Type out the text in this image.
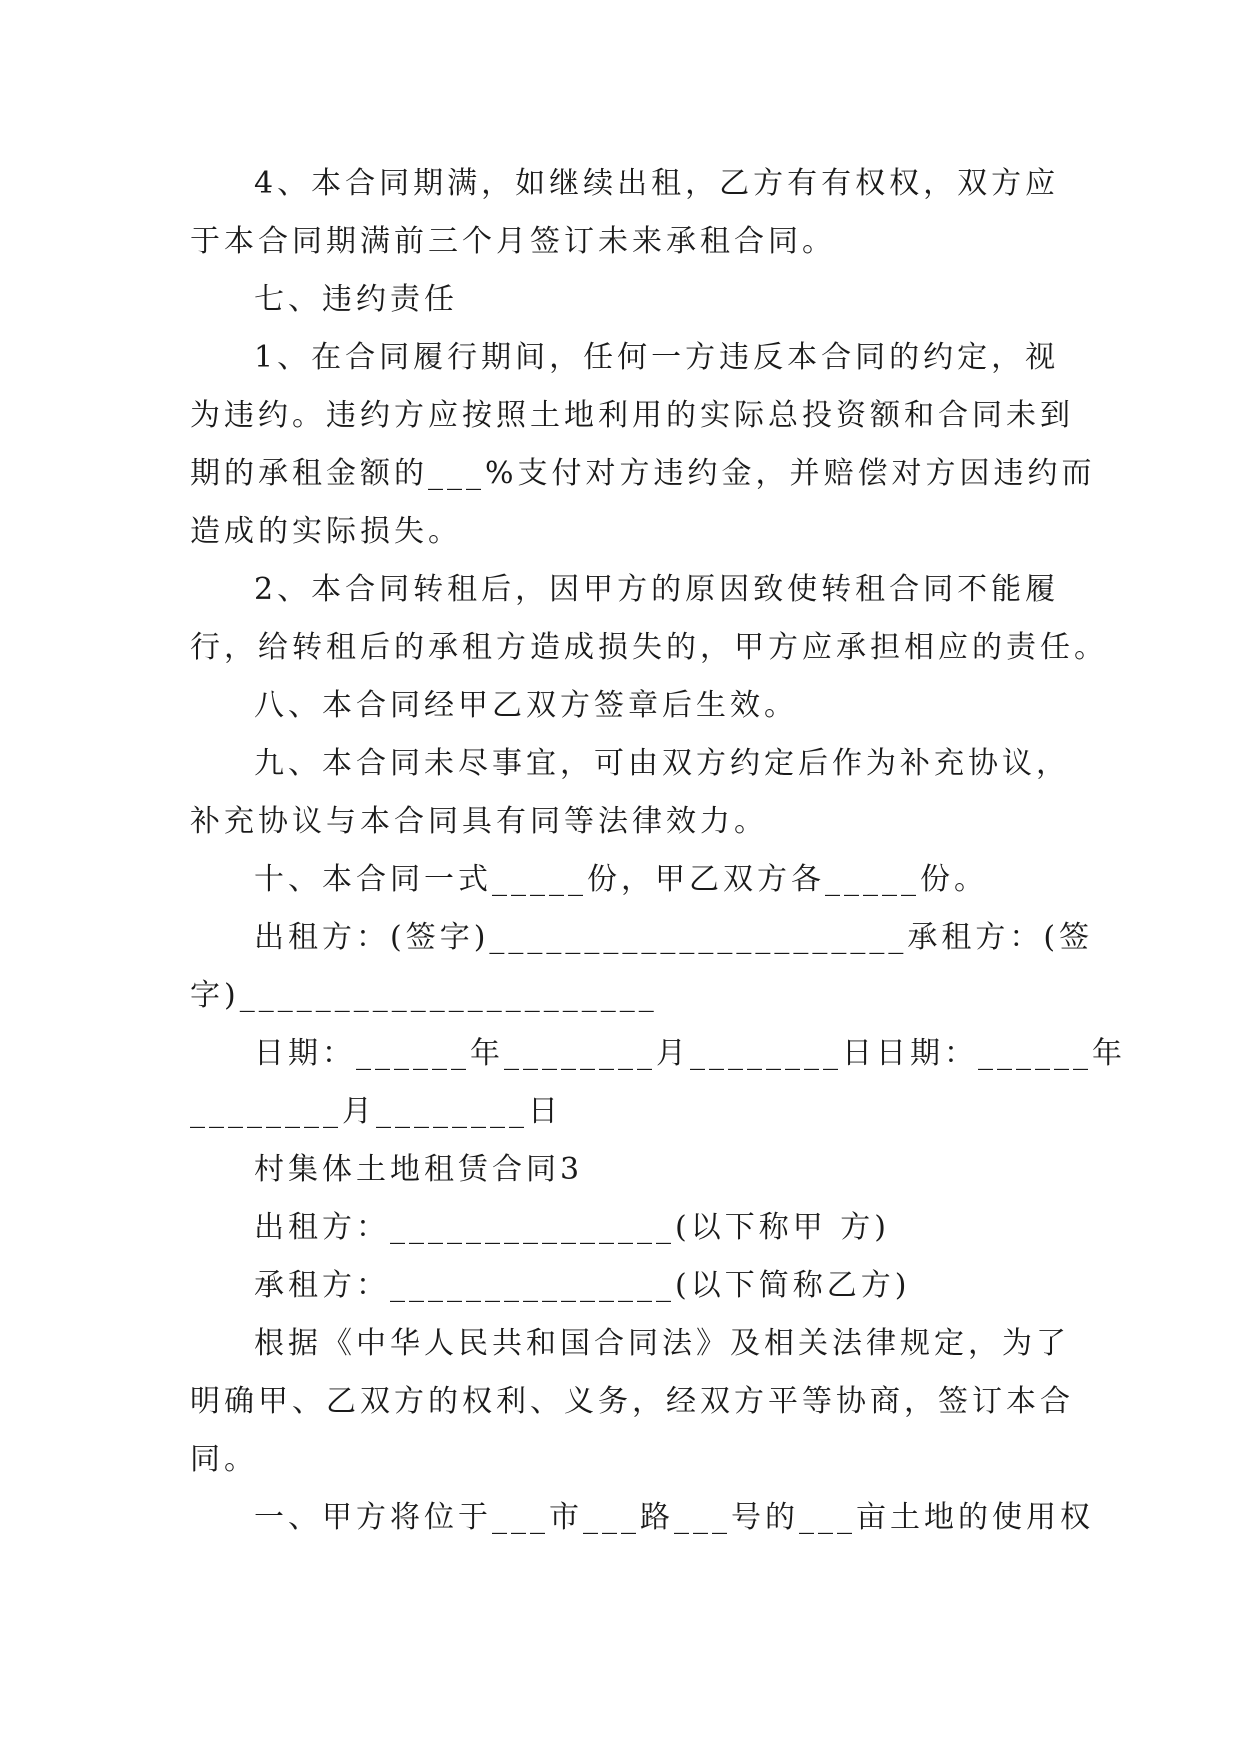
4、本合同期满，如继续出租，乙方有有权权，双方应
于本合同期满前三个月签订未来承租合同。
七、违约责任
1、在合同履行期间，任何一方违反本合同的约定，视
为违约。违约方应按照土地利用的实际总投资额和合同未到
期的承租金额的___%支付对方违约金，并赔偿对方因违约而
造成的实际损失。
2、本合同转租后，因甲方的原因致使转租合同不能履
行，给转租后的承租方造成损失的，甲方应承担相应的责任。
八、本合同经甲乙双方签章后生效。
九、本合同未尽事宜，可由双方约定后作为补充协议，
补充协议与本合同具有同等法律效力。
十、本合同一式_____份，甲乙双方各_____份。
出租方：(签字)______________________承租方：(签
字)______________________
日期：______年________月________日日期：______年
________月________日
村集体土地租赁合同3
出租方：_______________(以下称甲 方)
承租方：_______________(以下简称乙方)
根据《中华人民共和国合同法》及相关法律规定，为了
明确甲、乙双方的权利、义务，经双方平等协商，签订本合
同。
一、甲方将位于___市___路___号的___亩土地的使用权
